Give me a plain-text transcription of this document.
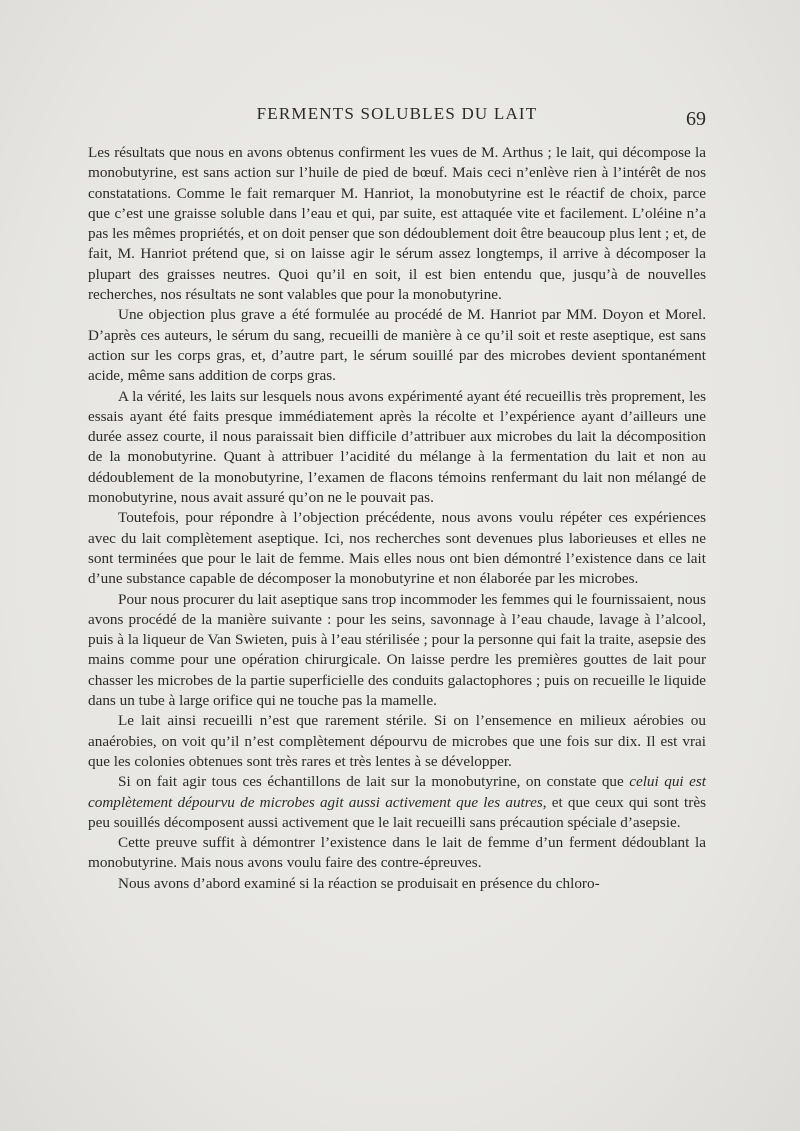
FERMENTS SOLUBLES DU LAIT	69

Les résultats que nous en avons obtenus confirment les vues de M. Arthus ; le lait, qui décompose la monobutyrine, est sans action sur l’huile de pied de bœuf. Mais ceci n’enlève rien à l’intérêt de nos constatations. Comme le fait remarquer M. Hanriot, la monobutyrine est le réactif de choix, parce que c’est une graisse soluble dans l’eau et qui, par suite, est attaquée vite et facilement. L’oléine n’a pas les mêmes propriétés, et on doit penser que son dédoublement doit être beaucoup plus lent ; et, de fait, M. Hanriot prétend que, si on laisse agir le sérum assez longtemps, il arrive à décomposer la plupart des graisses neutres. Quoi qu’il en soit, il est bien entendu que, jusqu’à de nouvelles recherches, nos résultats ne sont valables que pour la monobutyrine.

Une objection plus grave a été formulée au procédé de M. Hanriot par MM. Doyon et Morel. D’après ces auteurs, le sérum du sang, recueilli de manière à ce qu’il soit et reste aseptique, est sans action sur les corps gras, et, d’autre part, le sérum souillé par des microbes devient spontanément acide, même sans addition de corps gras.

A la vérité, les laits sur lesquels nous avons expérimenté ayant été recueillis très proprement, les essais ayant été faits presque immédiatement après la récolte et l’expérience ayant d’ailleurs une durée assez courte, il nous paraissait bien difficile d’attribuer aux microbes du lait la décomposition de la monobutyrine. Quant à attribuer l’acidité du mélange à la fermentation du lait et non au dédoublement de la monobutyrine, l’examen de flacons témoins renfermant du lait non mélangé de monobutyrine, nous avait assuré qu’on ne le pouvait pas.

Toutefois, pour répondre à l’objection précédente, nous avons voulu répéter ces expériences avec du lait complètement aseptique. Ici, nos recherches sont devenues plus laborieuses et elles ne sont terminées que pour le lait de femme. Mais elles nous ont bien démontré l’existence dans ce lait d’une substance capable de décomposer la monobutyrine et non élaborée par les microbes.

Pour nous procurer du lait aseptique sans trop incommoder les femmes qui le fournissaient, nous avons procédé de la manière suivante : pour les seins, savonnage à l’eau chaude, lavage à l’alcool, puis à la liqueur de Van Swieten, puis à l’eau stérilisée ; pour la personne qui fait la traite, asepsie des mains comme pour une opération chirurgicale. On laisse perdre les premières gouttes de lait pour chasser les microbes de la partie superficielle des conduits galactophores ; puis on recueille le liquide dans un tube à large orifice qui ne touche pas la mamelle.

Le lait ainsi recueilli n’est que rarement stérile. Si on l’ensemence en milieux aérobies ou anaérobies, on voit qu’il n’est complètement dépourvu de microbes que une fois sur dix. Il est vrai que les colonies obtenues sont très rares et très lentes à se développer.

Si on fait agir tous ces échantillons de lait sur la monobutyrine, on constate que celui qui est complètement dépourvu de microbes agit aussi activement que les autres, et que ceux qui sont très peu souillés décomposent aussi activement que le lait recueilli sans précaution spéciale d’asepsie.

Cette preuve suffit à démontrer l’existence dans le lait de femme d’un ferment dédoublant la monobutyrine. Mais nous avons voulu faire des contre-épreuves.

Nous avons d’abord examiné si la réaction se produisait en présence du chloro-
